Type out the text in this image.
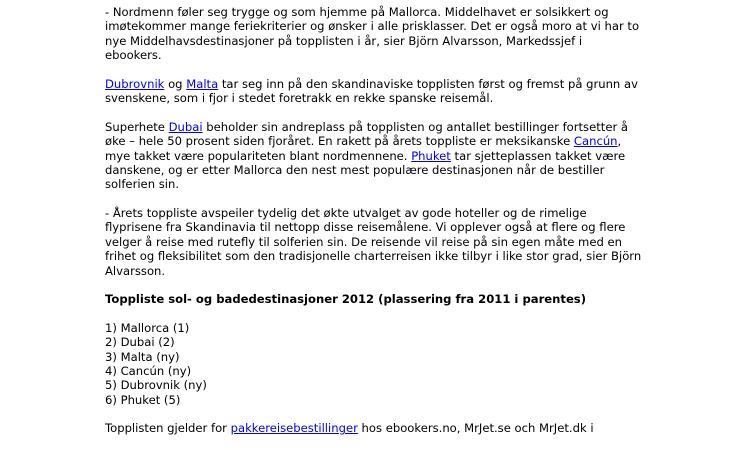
- Nordmenn føler seg trygge og som hjemme på Mallorca. Middelhavet er solsikkert og
imøtekommer mange feriekriterier og ønsker i alle prisklasser. Det er også moro at vi har to
nye Middelhavsdestinasjoner på topplisten i år, sier Björn Alvarsson, Markedssjef i
ebookers.

Dubrovnik og Malta tar seg inn på den skandinaviske topplisten først og fremst på grunn av
svenskene, som i fjor i stedet foretrakk en rekke spanske reisemål.

Superhete Dubai beholder sin andreplass på topplisten og antallet bestillinger fortsetter å
øke – hele 50 prosent siden fjoråret. En rakett på årets toppliste er meksikanske Cancún,
mye takket være populariteten blant nordmennene. Phuket tar sjetteplassen takket være
danskene, og er etter Mallorca den nest mest populære destinasjonen når de bestiller
solferien sin.

- Årets toppliste avspeiler tydelig det økte utvalget av gode hoteller og de rimelige
flyprisene fra Skandinavia til nettopp disse reisemålene. Vi opplever også at flere og flere
velger å reise med rutefly til solferien sin. De reisende vil reise på sin egen måte med en
frihet og fleksibilitet som den tradisjonelle charterreisen ikke tilbyr i like stor grad, sier Björn
Alvarsson.

Toppliste sol- og badedestinasjoner 2012 (plassering fra 2011 i parentes)

1) Mallorca (1)
2) Dubai (2)
3) Malta (ny)
4) Cancún (ny)
5) Dubrovnik (ny)
6) Phuket (5)

Topplisten gjelder for pakkereisebestillinger hos ebookers.no, MrJet.se och MrJet.dk i
